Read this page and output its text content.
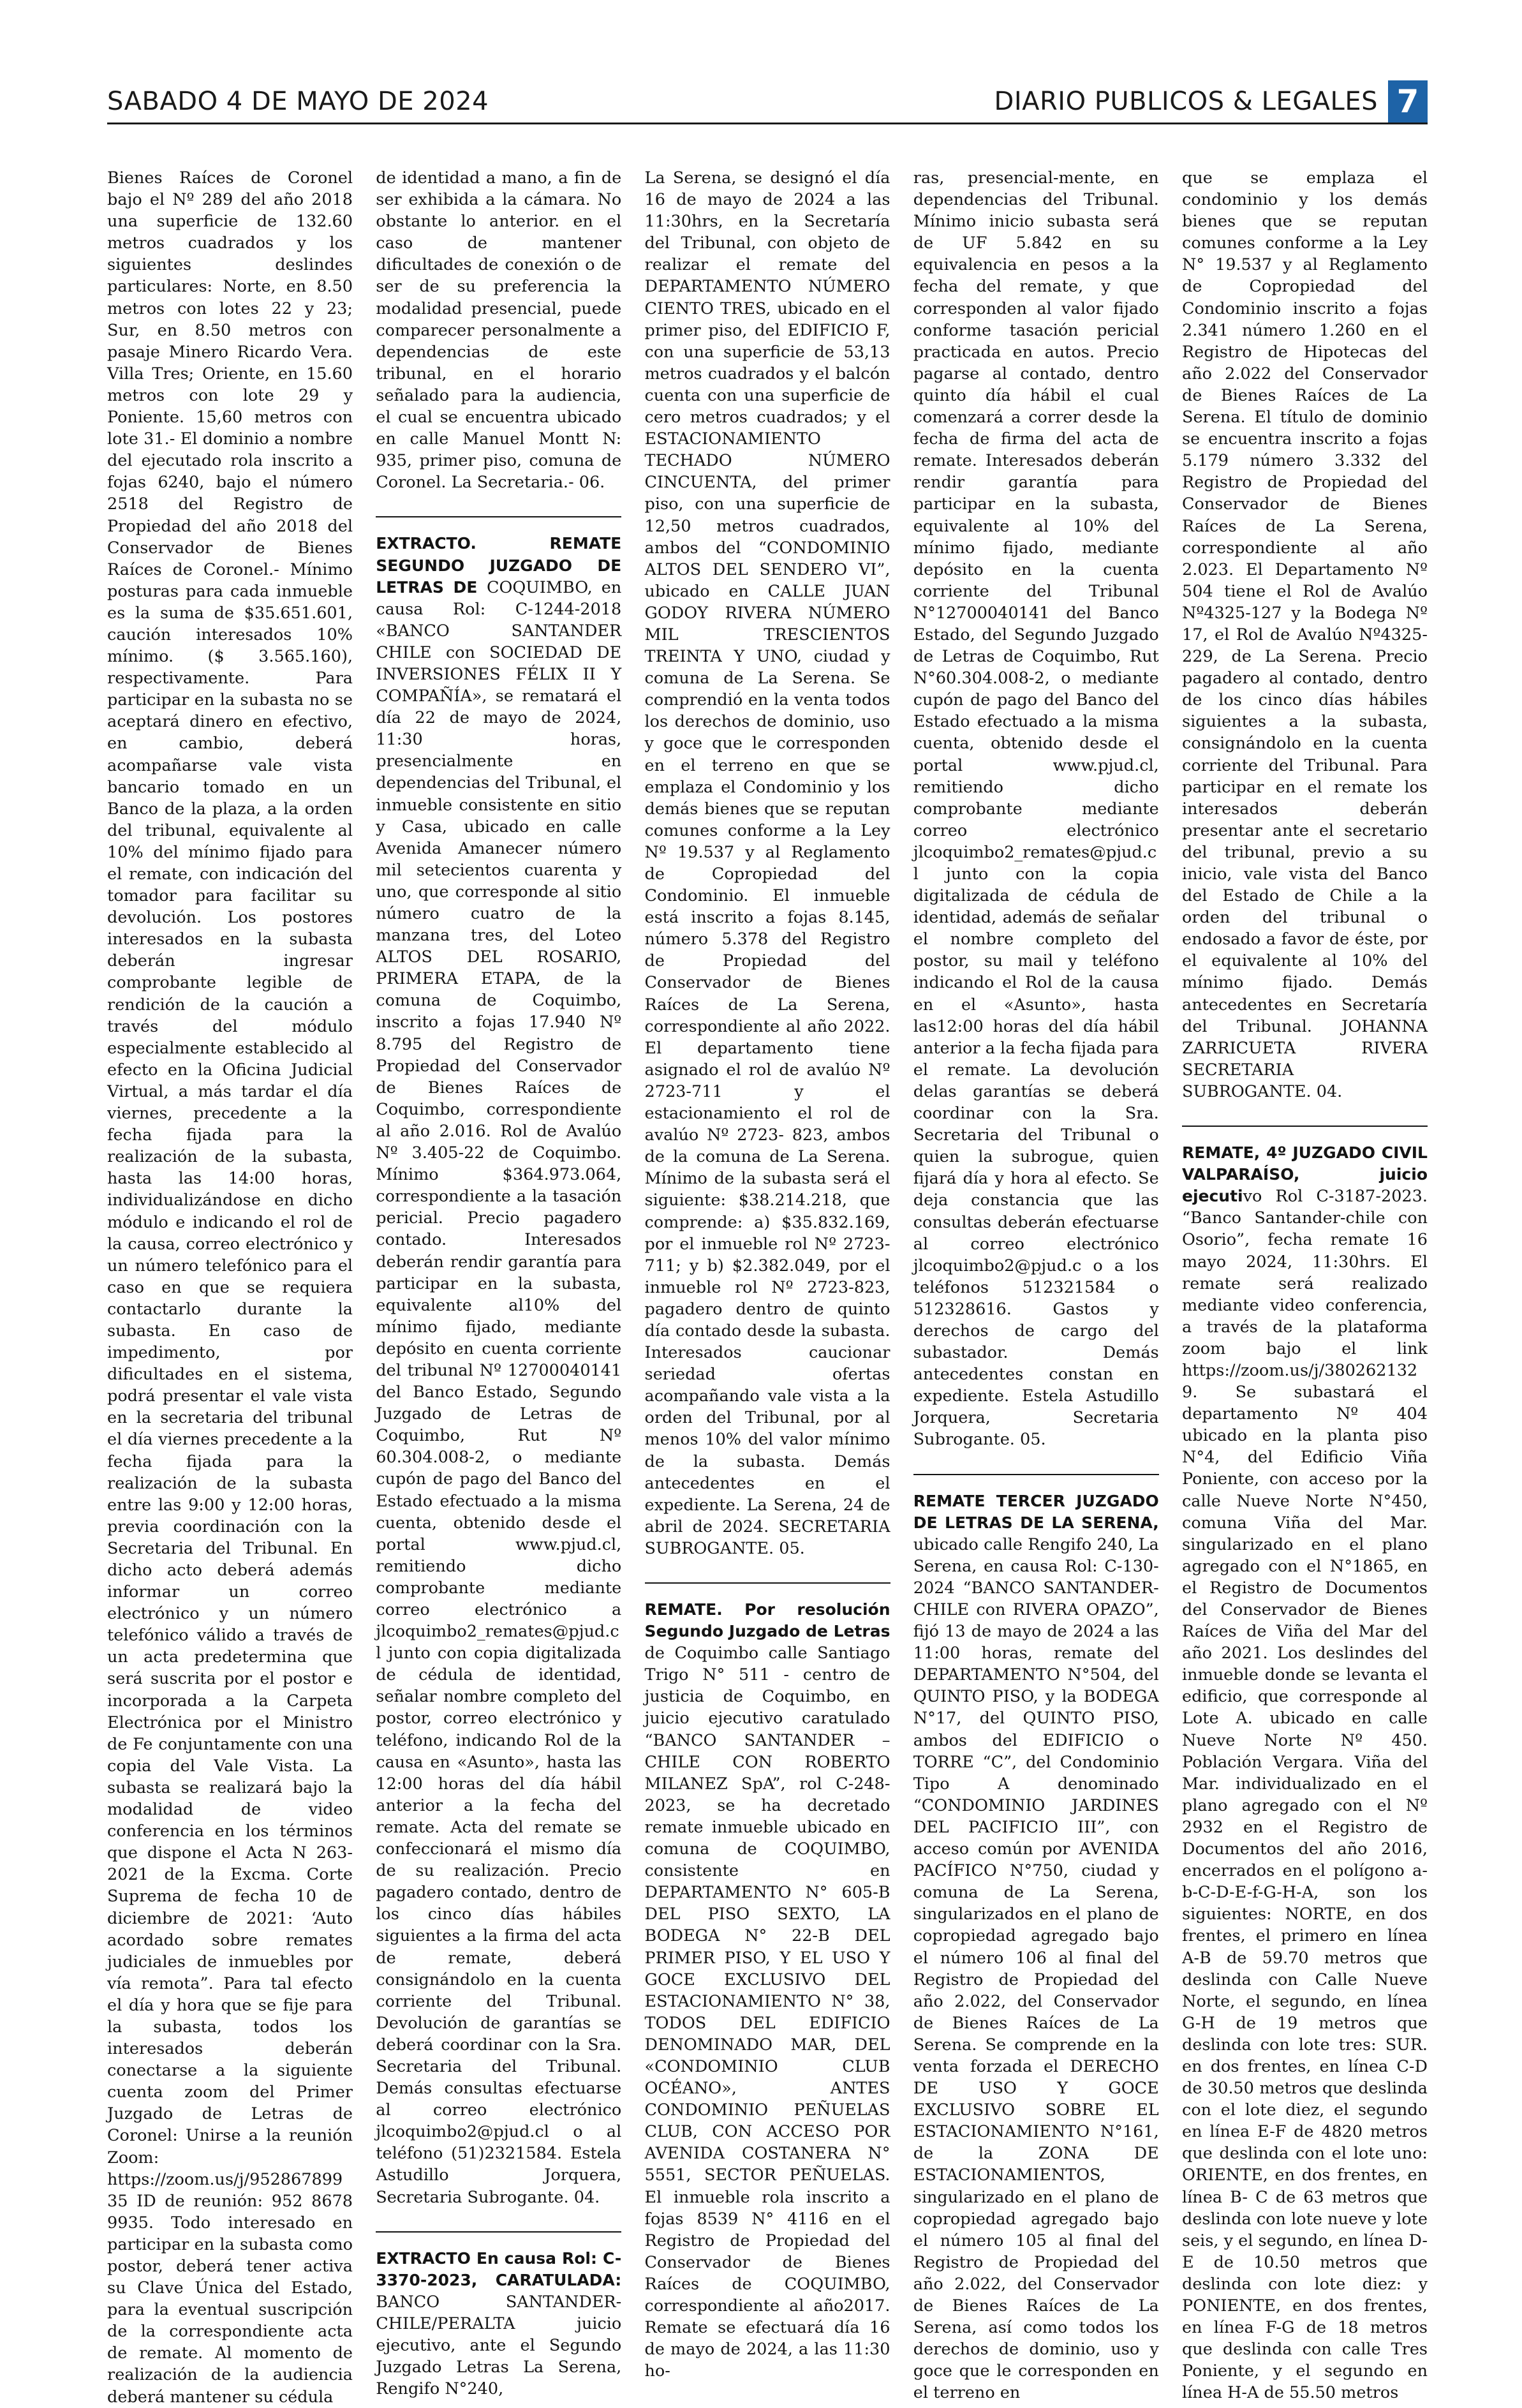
SABADO 4 DE MAYO DE 2024	DIARIO PUBLICOS & LEGALES 7

Bienes Raíces de Coronel bajo el Nº 289 del año 2018 una superficie de 132.60 metros cuadrados y los siguientes deslindes particulares: Norte, en 8.50 metros con lotes 22 y 23; Sur, en 8.50 metros con pasaje Minero Ricardo Vera. Villa Tres; Oriente, en 15.60 metros con lote 29 y Poniente. 15,60 metros con lote 31.- El dominio a nombre del ejecutado rola inscrito a fojas 6240, bajo el número 2518 del Registro de Propiedad del año 2018 del Conservador de Bienes Raíces de Coronel.- Mínimo posturas para cada inmueble es la suma de $35.651.601, caución interesados 10% mínimo. ($ 3.565.160), respectivamente. Para participar en la subasta no se aceptará dinero en efectivo, en cambio, deberá acompañarse vale vista bancario tomado en un Banco de la plaza, a la orden del tribunal, equivalente al 10% del mínimo fijado para el remate, con indicación del tomador para facilitar su devolución. Los postores interesados en la subasta deberán ingresar comprobante legible de rendición de la caución a través del módulo especialmente establecido al efecto en la Oficina Judicial Virtual, a más tardar el día viernes, precedente a la fecha fijada para la realización de la subasta, hasta las 14:00 horas, individualizándose en dicho módulo e indicando el rol de la causa, correo electrónico y un número telefónico para el caso en que se requiera contactarlo durante la subasta. En caso de impedimento, por dificultades en el sistema, podrá presentar el vale vista en la secretaria del tribunal el día viernes precedente a la fecha fijada para la realización de la subasta entre las 9:00 y 12:00 horas, previa coordinación con la Secretaria del Tribunal. En dicho acto deberá además informar un correo electrónico y un número telefónico válido a través de un acta predetermina que será suscrita por el postor e incorporada a la Carpeta Electrónica por el Ministro de Fe conjuntamente con una copia del Vale Vista. La subasta se realizará bajo la modalidad de video conferencia en los términos que dispone el Acta N 263-2021 de la Excma. Corte Suprema de fecha 10 de diciembre de 2021: ‘Auto acordado sobre remates judiciales de inmuebles por vía remota”. Para tal efecto el día y hora que se fije para la subasta, todos los interesados deberán conectarse a la siguiente cuenta zoom del Primer Juzgado de Letras de Coronel: Unirse a la reunión Zoom: https://zoom.us/j/95286789935 ID de reunión: 952 8678 9935. Todo interesado en participar en la subasta como postor, deberá tener activa su Clave Única del Estado, para la eventual suscripción de la correspondiente acta de remate. Al momento de realización de la audiencia deberá mantener su cédula

de identidad a mano, a fin de ser exhibida a la cámara. No obstante lo anterior. en el caso de mantener dificultades de conexión o de ser de su preferencia la modalidad presencial, puede comparecer personalmente a dependencias de este tribunal, en el horario señalado para la audiencia, el cual se encuentra ubicado en calle Manuel Montt N: 935, primer piso, comuna de Coronel. La Secretaria.- 06.

EXTRACTO. REMATE SEGUNDO JUZGADO DE LETRAS DE COQUIMBO, en causa Rol: C-1244-2018 «BANCO SANTANDER CHILE con SOCIEDAD DE INVERSIONES FÉLIX II Y COMPAÑÍA», se rematará el día 22 de mayo de 2024, 11:30 horas, presencialmente en dependencias del Tribunal, el inmueble consistente en sitio y Casa, ubicado en calle Avenida Amanecer número mil setecientos cuarenta y uno, que corresponde al sitio número cuatro de la manzana tres, del Loteo ALTOS DEL ROSARIO, PRIMERA ETAPA, de la comuna de Coquimbo, inscrito a fojas 17.940 Nº 8.795 del Registro de Propiedad del Conservador de Bienes Raíces de Coquimbo, correspondiente al año 2.016. Rol de Avalúo Nº 3.405-22 de Coquimbo. Mínimo $364.973.064, correspondiente a la tasación pericial. Precio pagadero contado. Interesados deberán rendir garantía para participar en la subasta, equivalente al10% del mínimo fijado, mediante depósito en cuenta corriente del tribunal Nº 12700040141 del Banco Estado, Segundo Juzgado de Letras de Coquimbo, Rut Nº 60.304.008-2, o mediante cupón de pago del Banco del Estado efectuado a la misma cuenta, obtenido desde el portal www.pjud.cl, remitiendo dicho comprobante mediante correo electrónico a jlcoquimbo2_remates@pjud.cl junto con copia digitalizada de cédula de identidad, señalar nombre completo del postor, correo electrónico y teléfono, indicando Rol de la causa en «Asunto», hasta las 12:00 horas del día hábil anterior a la fecha del remate. Acta del remate se confeccionará el mismo día de su realización. Precio pagadero contado, dentro de los cinco días hábiles siguientes a la firma del acta de remate, deberá consignándolo en la cuenta corriente del Tribunal. Devolución de garantías se deberá coordinar con la Sra. Secretaria del Tribunal. Demás consultas efectuarse al correo electrónico jlcoquimbo2@pjud.cl o al teléfono (51)2321584. Estela Astudillo Jorquera, Secretaria Subrogante. 04.

EXTRACTO En causa Rol: C-3370-2023, CARATULADA: BANCO SANTANDER-CHILE/PERALTA juicio ejecutivo, ante el Segundo Juzgado Letras La Serena, Rengifo N°240,

La Serena, se designó el día 16 de mayo de 2024 a las 11:30hrs, en la Secretaría del Tribunal, con objeto de realizar el remate del DEPARTAMENTO NÚMERO CIENTO TRES, ubicado en el primer piso, del EDIFICIO F, con una superficie de 53,13 metros cuadrados y el balcón cuenta con una superficie de cero metros cuadrados; y el ESTACIONAMIENTO TECHADO NÚMERO CINCUENTA, del primer piso, con una superficie de 12,50 metros cuadrados, ambos del “CONDOMINIO ALTOS DEL SENDERO VI”, ubicado en CALLE JUAN GODOY RIVERA NÚMERO MIL TRESCIENTOS TREINTA Y UNO, ciudad y comuna de La Serena. Se comprendió en la venta todos los derechos de dominio, uso y goce que le corresponden en el terreno en que se emplaza el Condominio y los demás bienes que se reputan comunes conforme a la Ley Nº 19.537 y al Reglamento de Copropiedad del Condominio. El inmueble está inscrito a fojas 8.145, número 5.378 del Registro de Propiedad del Conservador de Bienes Raíces de La Serena, correspondiente al año 2022. El departamento tiene asignado el rol de avalúo Nº 2723-711 y el estacionamiento el rol de avalúo Nº 2723- 823, ambos de la comuna de La Serena. Mínimo de la subasta será el siguiente: $38.214.218, que comprende: a) $35.832.169, por el inmueble rol Nº 2723-711; y b) $2.382.049, por el inmueble rol Nº 2723-823, pagadero dentro de quinto día contado desde la subasta. Interesados caucionar seriedad ofertas acompañando vale vista a la orden del Tribunal, por al menos 10% del valor mínimo de la subasta. Demás antecedentes en el expediente. La Serena, 24 de abril de 2024. SECRETARIA SUBROGANTE. 05.

REMATE. Por resolución Segundo Juzgado de Letras de Coquimbo calle Santiago Trigo N° 511 - centro de justicia de Coquimbo, en juicio ejecutivo caratulado “BANCO SANTANDER – CHILE CON ROBERTO MILANEZ SpA”, rol C-248-2023, se ha decretado remate inmueble ubicado en comuna de COQUIMBO, consistente en DEPARTAMENTO N° 605-B DEL PISO SEXTO, LA BODEGA N° 22-B DEL PRIMER PISO, Y EL USO Y GOCE EXCLUSIVO DEL ESTACIONAMIENTO N° 38, TODOS DEL EDIFICIO DENOMINADO MAR, DEL «CONDOMINIO CLUB OCÉANO», ANTES CONDOMINIO PEÑUELAS CLUB, CON ACCESO POR AVENIDA COSTANERA N° 5551, SECTOR PEÑUELAS. El inmueble rola inscrito a fojas 8539 N° 4116 en el Registro de Propiedad del Conservador de Bienes Raíces de COQUIMBO, correspondiente al año2017. Remate se efectuará día 16 de mayo de 2024, a las 11:30 ho-

ras, presencial-mente, en dependencias del Tribunal. Mínimo inicio subasta será de UF 5.842 en su equivalencia en pesos a la fecha del remate, y que corresponden al valor fijado conforme tasación pericial practicada en autos. Precio pagarse al contado, dentro quinto día hábil el cual comenzará a correr desde la fecha de firma del acta de remate. Interesados deberán rendir garantía para participar en la subasta, equivalente al 10% del mínimo fijado, mediante depósito en la cuenta corriente del Tribunal N°12700040141 del Banco Estado, del Segundo Juzgado de Letras de Coquimbo, Rut N°60.304.008-2, o mediante cupón de pago del Banco del Estado efectuado a la misma cuenta, obtenido desde el portal www.pjud.cl, remitiendo dicho comprobante mediante correo electrónico jlcoquimbo2_remates@pjud.cl junto con la copia digitalizada de cédula de identidad, además de señalar el nombre completo del postor, su mail y teléfono indicando el Rol de la causa en el «Asunto», hasta las12:00 horas del día hábil anterior a la fecha fijada para el remate. La devolución delas garantías se deberá coordinar con la Sra. Secretaria del Tribunal o quien la subrogue, quien fijará día y hora al efecto. Se deja constancia que las consultas deberán efectuarse al correo electrónico jlcoquimbo2@pjud.c o a los teléfonos 512321584 o 512328616. Gastos y derechos de cargo del subastador. Demás antecedentes constan en expediente. Estela Astudillo Jorquera, Secretaria Subrogante. 05.

REMATE TERCER JUZGADO DE LETRAS DE LA SERENA, ubicado calle Rengifo 240, La Serena, en causa Rol: C-130-2024 “BANCO SANTANDER- CHILE con RIVERA OPAZO”, fijó 13 de mayo de 2024 a las 11:00 horas, remate del DEPARTAMENTO N°504, del QUINTO PISO, y la BODEGA N°17, del QUINTO PISO, ambos del EDIFICIO o TORRE “C”, del Condominio Tipo A denominado “CONDOMINIO JARDINES DEL PACIFICIO III”, con acceso común por AVENIDA PACÍFICO N°750, ciudad y comuna de La Serena, singularizados en el plano de copropiedad agregado bajo el número 106 al final del Registro de Propiedad del año 2.022, del Conservador de Bienes Raíces de La Serena. Se comprende en la venta forzada el DERECHO DE USO Y GOCE EXCLUSIVO SOBRE EL ESTACIONAMIENTO N°161, de la ZONA DE ESTACIONAMIENTOS, singularizado en el plano de copropiedad agregado bajo el número 105 al final del Registro de Propiedad del año 2.022, del Conservador de Bienes Raíces de La Serena, así como todos los derechos de dominio, uso y goce que le corresponden en el terreno en

que se emplaza el condominio y los demás bienes que se reputan comunes conforme a la Ley N° 19.537 y al Reglamento de Copropiedad del Condominio inscrito a fojas 2.341 número 1.260 en el Registro de Hipotecas del año 2.022 del Conservador de Bienes Raíces de La Serena. El título de dominio se encuentra inscrito a fojas 5.179 número 3.332 del Registro de Propiedad del Conservador de Bienes Raíces de La Serena, correspondiente al año 2.023. El Departamento Nº 504 tiene el Rol de Avalúo Nº4325-127 y la Bodega Nº 17, el Rol de Avalúo Nº4325-229, de La Serena. Precio pagadero al contado, dentro de los cinco días hábiles siguientes a la subasta, consignándolo en la cuenta corriente del Tribunal. Para participar en el remate los interesados deberán presentar ante el secretario del tribunal, previo a su inicio, vale vista del Banco del Estado de Chile a la orden del tribunal o endosado a favor de éste, por el equivalente al 10% del mínimo fijado. Demás antecedentes en Secretaría del Tribunal. JOHANNA ZARRICUETA RIVERA SECRETARIA SUBROGANTE. 04.

REMATE, 4º JUZGADO CIVIL VALPARAÍSO, juicio ejecutivo Rol C-3187-2023. “Banco Santander-chile con Osorio”, fecha remate 16 mayo 2024, 11:30hrs. El remate será realizado mediante video conferencia, a través de la plataforma zoom bajo el link https://zoom.us/j/3802621329. Se subastará el departamento Nº 404 ubicado en la planta piso N°4, del Edificio Viña Poniente, con acceso por la calle Nueve Norte N°450, comuna Viña del Mar. singularizado en el plano agregado con el N°1865, en el Registro de Documentos del Conservador de Bienes Raíces de Viña del Mar del año 2021. Los deslindes del inmueble donde se levanta el edificio, que corresponde al Lote A. ubicado en calle Nueve Norte Nº 450. Población Vergara. Viña del Mar. individualizado en el plano agregado con el Nº 2932 en el Registro de Documentos del año 2016, encerrados en el polígono a-b-C-D-E-f-G-H-A, son los siguientes: NORTE, en dos frentes, el primero en línea A-B de 59.70 metros que deslinda con Calle Nueve Norte, el segundo, en línea G-H de 19 metros que deslinda con lote tres: SUR. en dos frentes, en línea C-D de 30.50 metros que deslinda con el lote diez, el segundo en línea E-F de 4820 metros que deslinda con el lote uno: ORIENTE, en dos frentes, en línea B- C de 63 metros que deslinda con lote nueve y lote seis, y el segundo, en línea D-E de 10.50 metros que deslinda con lote diez: y PONIENTE, en dos frentes, en línea F-G de 18 metros que deslinda con calle Tres Poniente, y el segundo en línea H-A de 55.50 metros
